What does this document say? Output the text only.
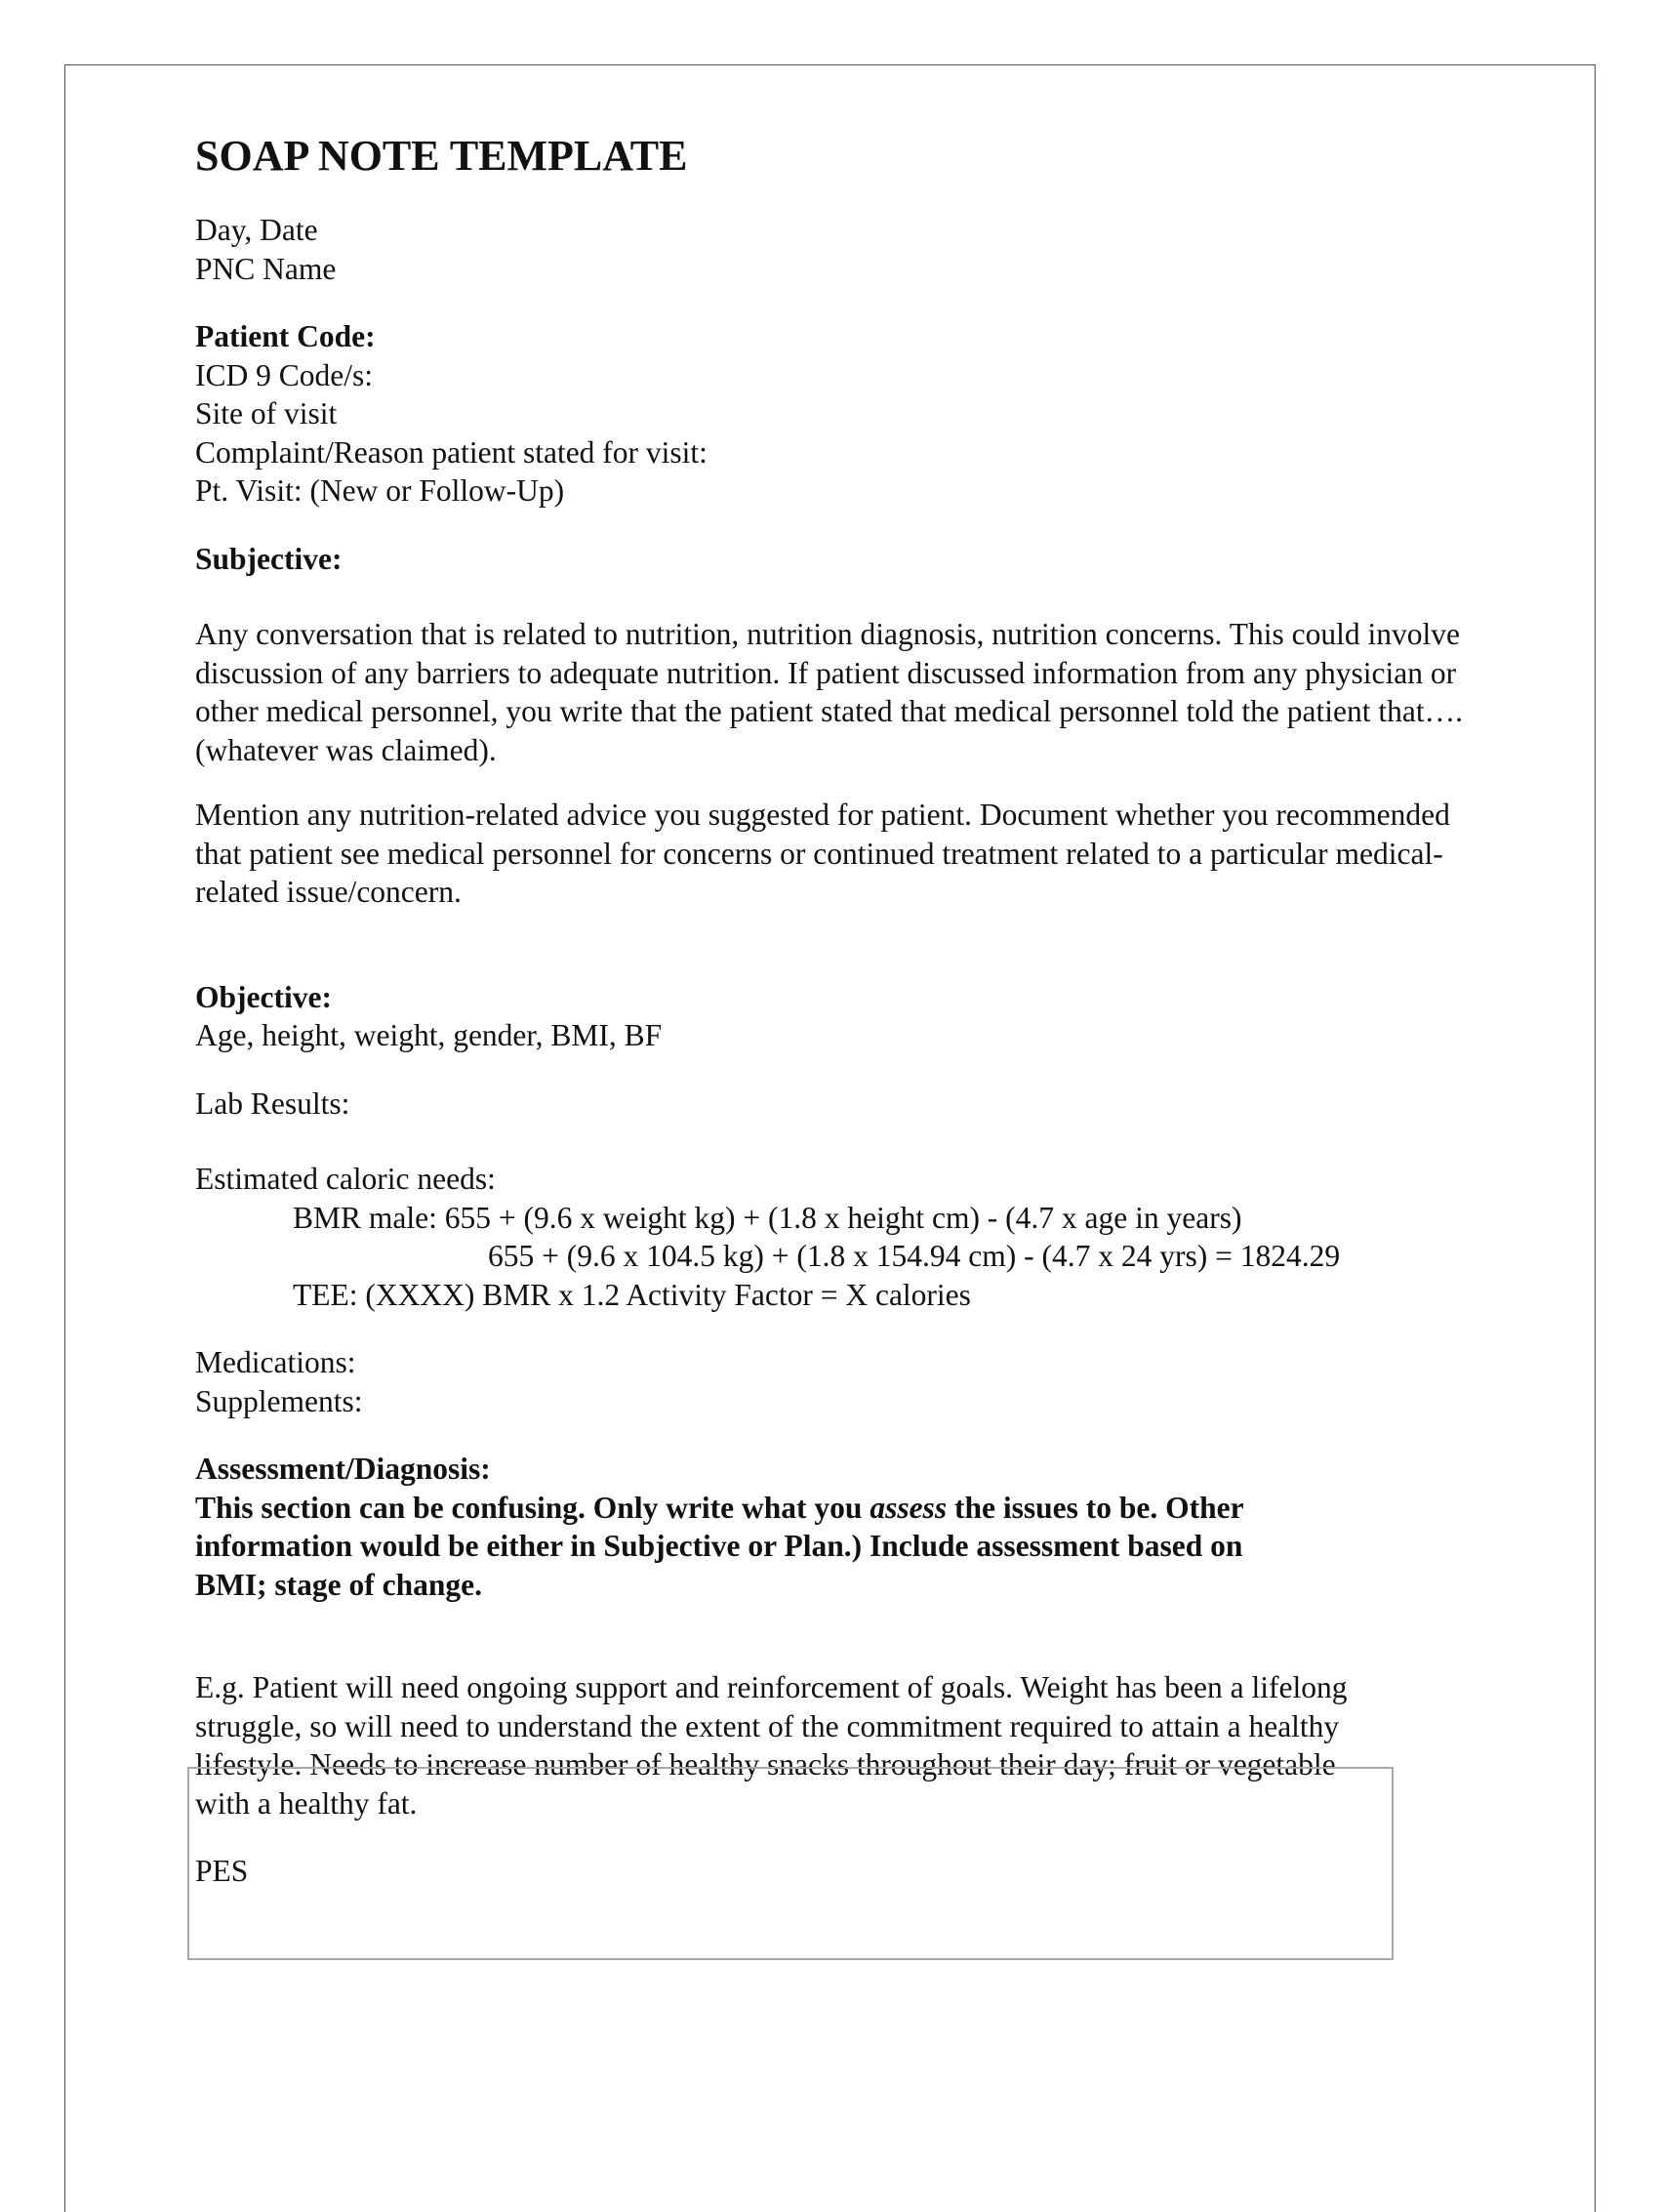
SOAP NOTE TEMPLATE

Day, Date

PNC Name

Patient Code:

ICD 9 Code/s:

Site of visit

Complaint/Reason patient stated for visit:

Pt. Visit: (New or Follow-Up)

Subjective:

Any conversation that is related to nutrition, nutrition diagnosis, nutrition concerns. This could involve discussion of any barriers to adequate nutrition. If patient discussed information from any physician or other medical personnel, you write that the patient stated that medical personnel told the patient that…. (whatever was claimed).

Mention any nutrition-related advice you suggested for patient. Document whether you recommended that patient see medical personnel for concerns or continued treatment related to a particular medical-related issue/concern.

Objective:

Age, height, weight, gender, BMI, BF

Lab Results:

Estimated caloric needs:

BMR male: 655 + (9.6 x weight kg) + (1.8 x height cm) - (4.7 x age in years)

655 + (9.6 x 104.5 kg) + (1.8 x 154.94 cm) - (4.7 x 24 yrs) = 1824.29

TEE: (XXXX) BMR x 1.2 Activity Factor = X calories

Medications:

Supplements:

Assessment/Diagnosis:

This section can be confusing. Only write what you assess the issues to be. Other information would be either in Subjective or Plan.) Include assessment based on BMI; stage of change.

E.g. Patient will need ongoing support and reinforcement of goals. Weight has been a lifelong

struggle, so will need to understand the extent of the commitment required to attain a healthy

lifestyle. Needs to increase number of healthy snacks throughout their day; fruit or vegetable

with a healthy fat.

PES
